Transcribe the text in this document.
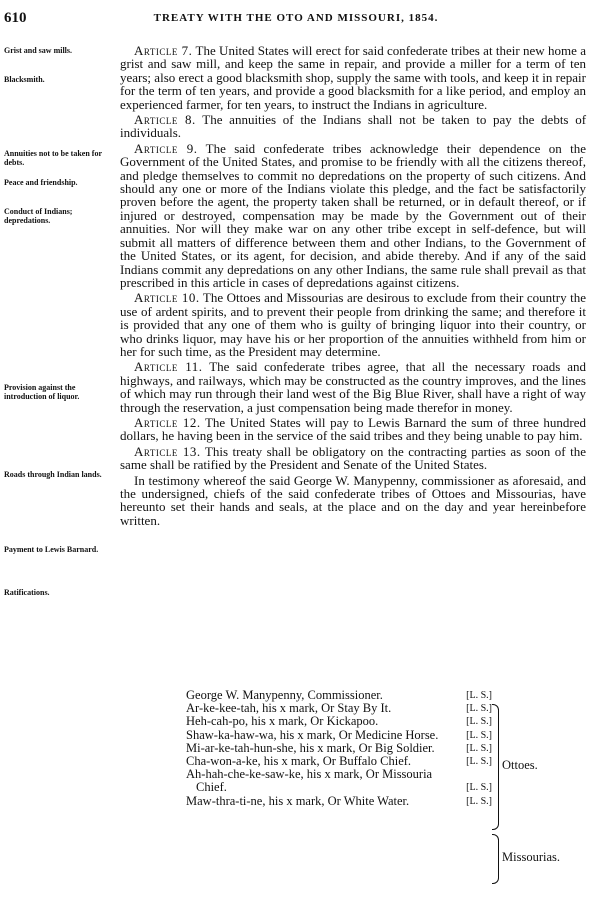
610	TREATY WITH THE OTO AND MISSOURI, 1854.
Grist and saw mills.
Blacksmith.
Annuities not to be taken for debts.
Peace and friendship.
Conduct of Indians; depredations.
Provision against the introduction of liquor.
Roads through Indian lands.
Payment to Lewis Barnard.
Ratifications.

Article 7. The United States will erect for said confederate tribes at their new home a grist and saw mill, and keep the same in repair, and provide a miller for a term of ten years; also erect a good blacksmith shop, supply the same with tools, and keep it in repair for the term of ten years, and provide a good blacksmith for a like period, and employ an experienced farmer, for ten years, to instruct the Indians in agriculture.

Article 8. The annuities of the Indians shall not be taken to pay the debts of individuals.

Article 9. The said confederate tribes acknowledge their dependence on the Government of the United States, and promise to be friendly with all the citizens thereof, and pledge themselves to commit no depredations on the property of such citizens. And should any one or more of the Indians violate this pledge, and the fact be satisfactorily proven before the agent, the property taken shall be returned, or in default thereof, or if injured or destroyed, compensation may be made by the Government out of their annuities. Nor will they make war on any other tribe except in self-defence, but will submit all matters of difference between them and other Indians, to the Government of the United States, or its agent, for decision, and abide thereby. And if any of the said Indians commit any depredations on any other Indians, the same rule shall prevail as that prescribed in this article in cases of depredations against citizens.

Article 10. The Ottoes and Missourias are desirous to exclude from their country the use of ardent spirits, and to prevent their people from drinking the same; and therefore it is provided that any one of them who is guilty of bringing liquor into their country, or who drinks liquor, may have his or her proportion of the annuities withheld from him or her for such time, as the President may determine.

Article 11. The said confederate tribes agree, that all the necessary roads and highways, and railways, which may be constructed as the country improves, and the lines of which may run through their land west of the Big Blue River, shall have a right of way through the reservation, a just compensation being made therefor in money.

Article 12. The United States will pay to Lewis Barnard the sum of three hundred dollars, he having been in the service of the said tribes and they being unable to pay him.

Article 13. This treaty shall be obligatory on the contracting parties as soon of the same shall be ratified by the President and Senate of the United States.

In testimony whereof the said George W. Manypenny, commissioner as aforesaid, and the undersigned, chiefs of the said confederate tribes of Ottoes and Missourias, have hereunto set their hands and seals, at the place and on the day and year hereinbefore written.

George W. Manypenny, Commissioner.	[L. S.]
Ar-ke-kee-tah, his x mark, Or Stay By It.	[L. S.]
Heh-cah-po, his x mark, Or Kickapoo.	[L. S.]
Shaw-ka-haw-wa, his x mark, Or Medicine Horse.	[L. S.]
Mi-ar-ke-tah-hun-she, his x mark, Or Big Soldier.	[L. S.]
Cha-won-a-ke, his x mark, Or Buffalo Chief.	[L. S.]
Ah-hah-che-ke-saw-ke, his x mark, Or Missouria Chief.	[L. S.]
Maw-thra-ti-ne, his x mark, Or White Water.	[L. S.]
Ottoes.
Missourias.
